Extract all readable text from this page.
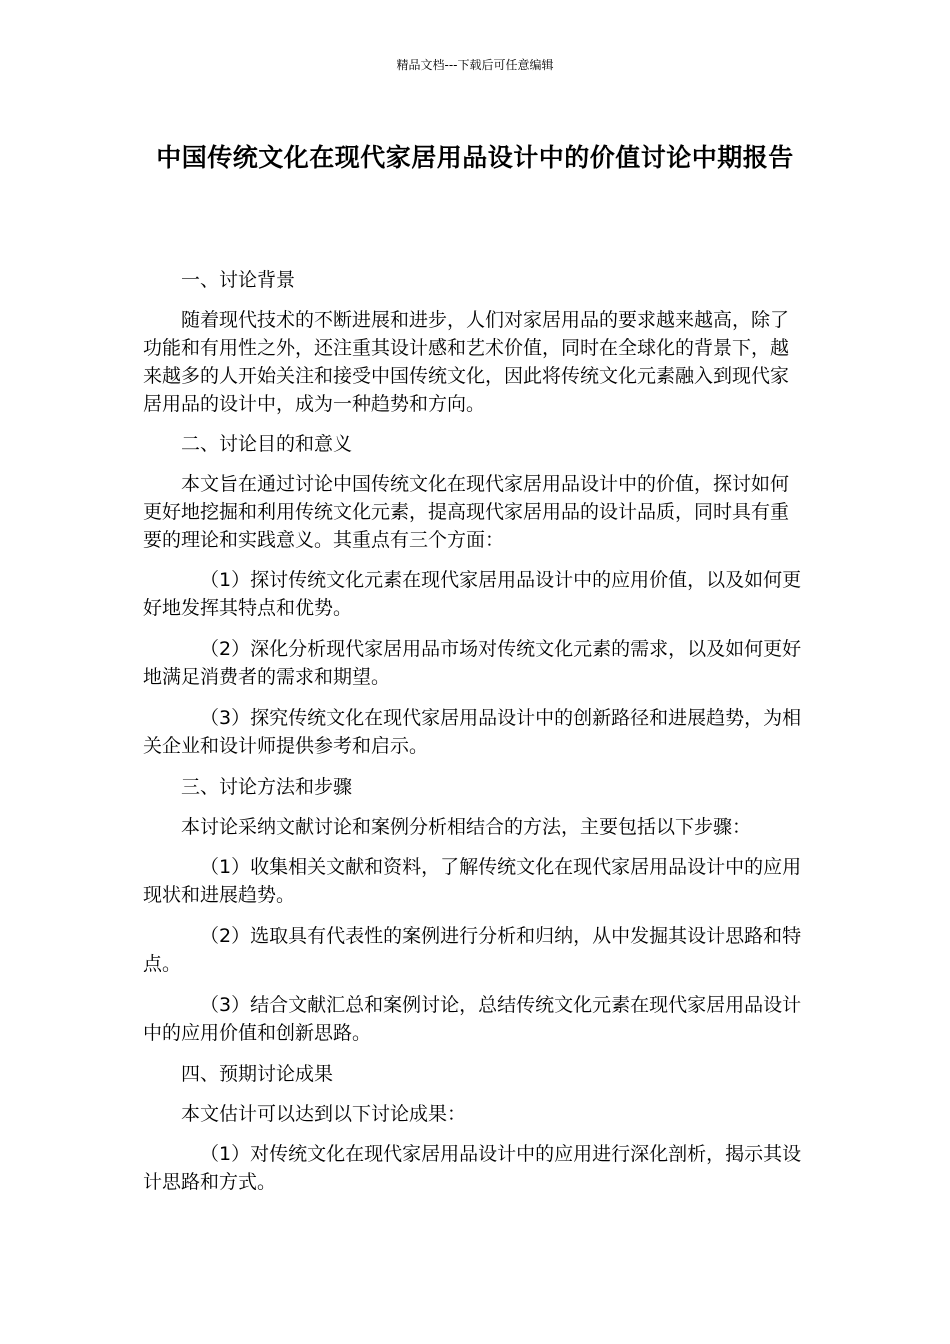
精品文档---下载后可任意编辑
中国传统文化在现代家居用品设计中的价值讨论中期报告
一、讨论背景
随着现代技术的不断进展和进步，人们对家居用品的要求越来越高，除了功能和有用性之外，还注重其设计感和艺术价值，同时在全球化的背景下，越来越多的人开始关注和接受中国传统文化，因此将传统文化元素融入到现代家居用品的设计中，成为一种趋势和方向。
二、讨论目的和意义
本文旨在通过讨论中国传统文化在现代家居用品设计中的价值，探讨如何更好地挖掘和利用传统文化元素，提高现代家居用品的设计品质，同时具有重要的理论和实践意义。其重点有三个方面：
（1）探讨传统文化元素在现代家居用品设计中的应用价值，以及如何更好地发挥其特点和优势。
（2）深化分析现代家居用品市场对传统文化元素的需求，以及如何更好地满足消费者的需求和期望。
（3）探究传统文化在现代家居用品设计中的创新路径和进展趋势，为相关企业和设计师提供参考和启示。
三、讨论方法和步骤
本讨论采纳文献讨论和案例分析相结合的方法，主要包括以下步骤：
（1）收集相关文献和资料，了解传统文化在现代家居用品设计中的应用现状和进展趋势。
（2）选取具有代表性的案例进行分析和归纳，从中发掘其设计思路和特点。
（3）结合文献汇总和案例讨论，总结传统文化元素在现代家居用品设计中的应用价值和创新思路。
四、预期讨论成果
本文估计可以达到以下讨论成果：
（1）对传统文化在现代家居用品设计中的应用进行深化剖析，揭示其设计思路和方式。
